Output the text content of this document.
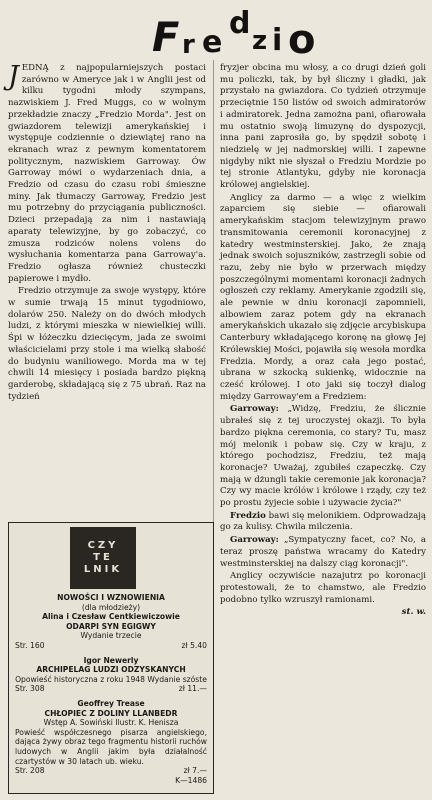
F r e
d z i o

JEDNĄ z najpopularniejszych postaci zarówno w Ameryce jak i w Anglii jest od kilku tygodni młody szympans, nazwiskiem J. Fred Muggs, co w wolnym przekładzie znaczy „Fredzio Morda". Jest on gwiazdorem telewizji amerykańskiej i występuje codziennie o dziewiątej rano na ekranach wraz z pewnym komentatorem politycznym, nazwiskiem Garroway. Ów Garroway mówi o wydarzeniach dnia, a Fredzio od czasu do czasu robi śmieszne miny. Jak tłumaczy Garroway, Fredzio jest mu potrzebny do przyciągania publiczności. Dzieci przepadają za nim i nastawiają aparaty telewizyjne, by go zobaczyć, co zmusza rodziców nolens volens do wysłuchania komentarza pana Garroway'a. Fredzio ogłasza również chusteczki papierowe i mydło.

Fredzio otrzymuje za swoje występy, które w sumie trwają 15 minut tygodniowo, dolarów 250. Należy on do dwóch młodych ludzi, z którymi mieszka w niewielkiej willi. Śpi w łóżeczku dziecięcym, jada ze swoimi właścicielami przy stole i ma wielką słabość do budyniu waniliowego. Morda ma w tej chwili 14 miesięcy i posiada bardzo piękną garderobę, składającą się z 75 ubrań. Raz na tydzień

fryzjer obcina mu włosy, a co drugi dzień goli mu policzki, tak, by był śliczny i gładki, jak przystało na gwiazdora. Co tydzień otrzymuje przeciętnie 150 listów od swoich admiratorów i admiratorek. Jedna zamożna pani, ofiarowała mu ostatnio swoją limuzynę do dyspozycji, inna pani zaprosiła go, by spędził sobotę i niedzielę w jej nadmorskiej willi. I zapewne nigdyby nikt nie słyszał o Fredziu Mordzie po tej stronie Atlantyku, gdyby nie koronacja królowej angielskiej.

Anglicy za darmo — a więc z wielkim zaparciem się siebie — ofiarowali amerykańskim stacjom telewizyjnym prawo transmitowania ceremonii koronacyjnej z katedry westminsterskiej. Jako, że znają jednak swoich sojuszników, zastrzegli sobie od razu, żeby nie było w przerwach między poszczególnymi momentami koronacji żadnych ogłoszeń czy reklamy. Amerykanie zgodzili się, ale pewnie w dniu koronacji zapomnieli, albowiem zaraz potem gdy na ekranach amerykańskich ukazało się zdjęcie arcybiskupa Canterbury wkładającego koronę na głowę Jej Królewskiej Mości, pojawiła się wesoła mordka Fredzia. Mordy, a oraz cała jego postać, ubrana w szkocką sukienkę, widocznie na cześć królowej. I oto jaki się toczył dialog między Garroway'em a Fredziem:

Garroway: „Widzę, Fredziu, że ślicznie ubrałeś się z tej uroczystej okazji. To była bardzo piękna ceremonia, co stary? Tu, masz mój melonik i pobaw się. Czy w kraju, z którego pochodzisz, Fredziu, też mają koronacje? Uważaj, zgubiłeś czapeczkę. Czy mają w dżungli takie ceremonie jak koronacja? Czy wy macie królów i królowe i rządy, czy też po prostu żyjecie sobie i używacie życia?"

Fredzio bawi się melonikiem. Odprowadzają go za kulisy. Chwila milczenia.

Garroway: „Sympatyczny facet, co? No, a teraz proszę państwa wracamy do Katedry westminsterskiej na dalszy ciąg koronacji".

Anglicy oczywiście nazajutrz po koronacji protestowali, że to chamstwo, ale Fredzio podobno tylko wzruszył ramionami.

st. w.

CZY
TE
LNIK
NOWOŚCI I WZNOWIENIA
(dla młodzieży)
Alina i Czesław Centkiewiczowie
ODARPI SYN EGIGWY
Wydanie trzecie
Str. 160	zł 5.40
Igor Newerly
ARCHIPELAG LUDZI ODZYSKANYCH
Opowieść historyczna z roku 1948 Wydanie szóste
Str. 308	zł 11.—
Geoffrey Trease
CHŁOPIEC Z DOLINY LLANBEDR
Wstęp A. Sowiński Ilustr. K. Henisza
Powieść współczesnego pisarza angielskiego, dająca żywy obraz tego fragmentu historii ruchów ludowych w Anglii jakim była działalność czartystów w 30 latach ub. wieku.
Str. 208	zł 7.—
K—1486
